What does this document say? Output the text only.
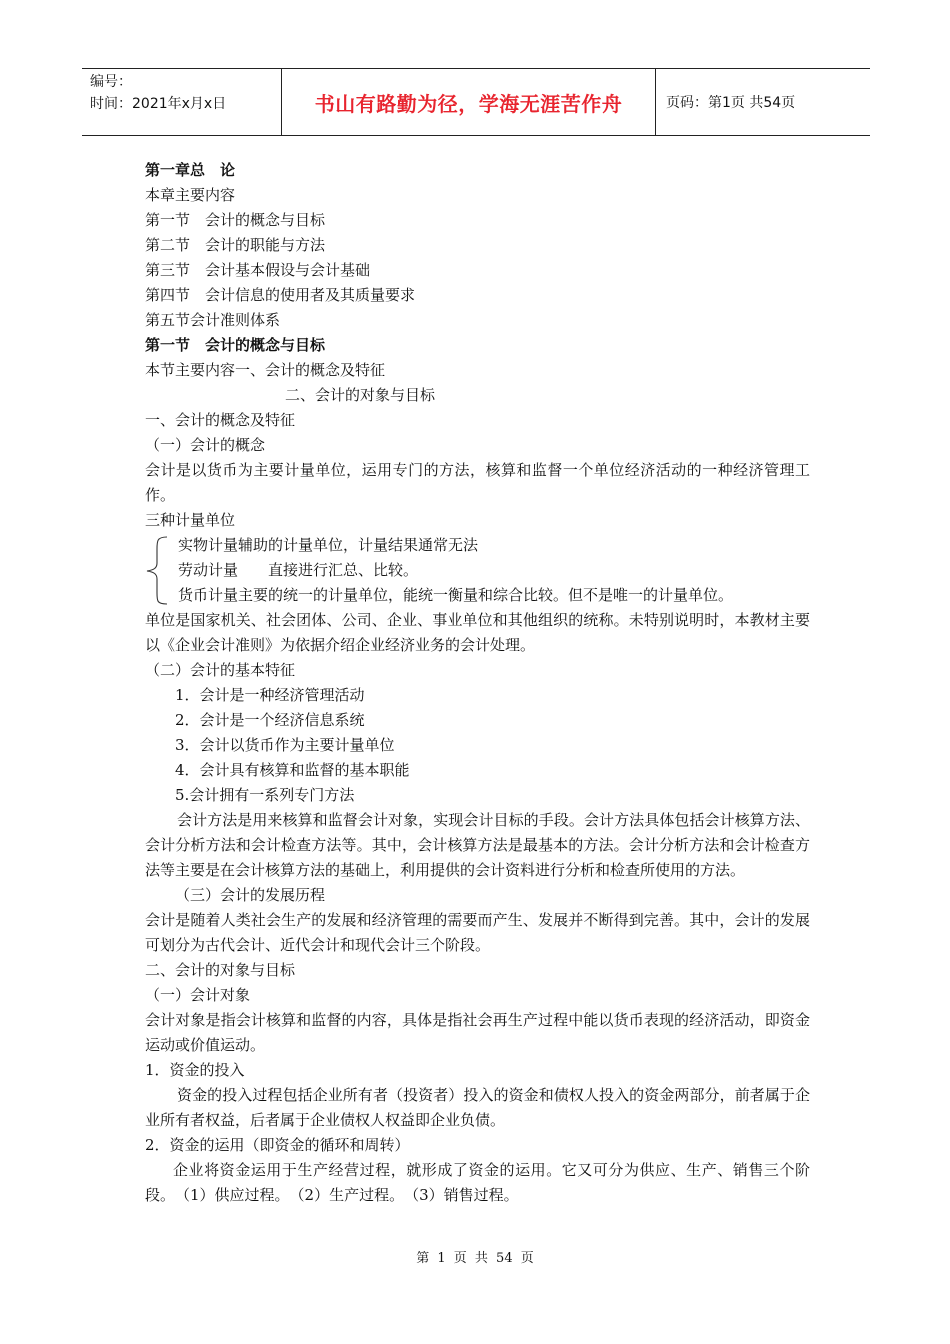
编号：
时间：2021年x月x日	书山有路勤为径，学海无涯苦作舟	页码：第1页 共54页

第一章总　论

本章主要内容

第一节　会计的概念与目标

第二节　会计的职能与方法

第三节　会计基本假设与会计基础

第四节　会计信息的使用者及其质量要求

第五节会计准则体系

第一节　会计的概念与目标

本节主要内容一、会计的概念及特征

二、会计的对象与目标

一、会计的概念及特征

（一）会计的概念

会计是以货币为主要计量单位，运用专门的方法，核算和监督一个单位经济活动的一种经济管理工作。

三种计量单位

实物计量辅助的计量单位，计量结果通常无法

劳动计量　　直接进行汇总、比较。

货币计量主要的统一的计量单位，能统一衡量和综合比较。但不是唯一的计量单位。

单位是国家机关、社会团体、公司、企业、事业单位和其他组织的统称。未特别说明时，本教材主要以《企业会计准则》为依据介绍企业经济业务的会计处理。

（二）会计的基本特征

1．会计是一种经济管理活动

2．会计是一个经济信息系统

3．会计以货币作为主要计量单位

4．会计具有核算和监督的基本职能

5.会计拥有一系列专门方法

会计方法是用来核算和监督会计对象，实现会计目标的手段。会计方法具体包括会计核算方法、会计分析方法和会计检查方法等。其中，会计核算方法是最基本的方法。会计分析方法和会计检查方法等主要是在会计核算方法的基础上，利用提供的会计资料进行分析和检查所使用的方法。

（三）会计的发展历程

会计是随着人类社会生产的发展和经济管理的需要而产生、发展并不断得到完善。其中，会计的发展可划分为古代会计、近代会计和现代会计三个阶段。

二、会计的对象与目标

（一）会计对象

会计对象是指会计核算和监督的内容，具体是指社会再生产过程中能以货币表现的经济活动，即资金运动或价值运动。

1．资金的投入

资金的投入过程包括企业所有者（投资者）投入的资金和债权人投入的资金两部分，前者属于企业所有者权益，后者属于企业债权人权益即企业负债。

2．资金的运用（即资金的循环和周转）

企业将资金运用于生产经营过程，就形成了资金的运用。它又可分为供应、生产、销售三个阶段。　（1）供应过程。　（2）生产过程。　（3）销售过程。

第 1 页 共 54 页
